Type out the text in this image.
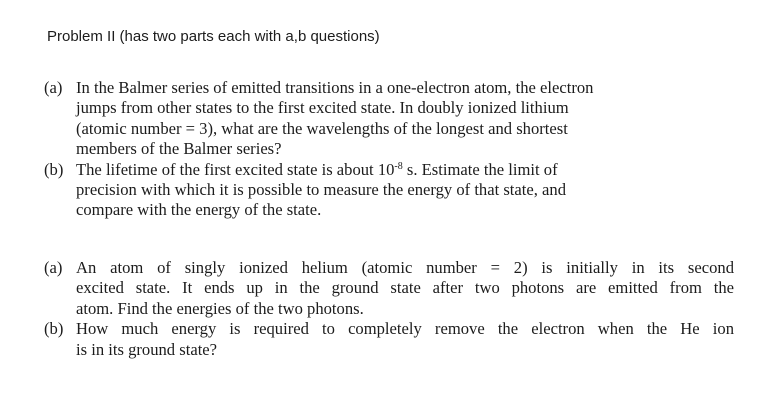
Problem II (has two parts each with a,b questions)
(a) In the Balmer series of emitted transitions in a one-electron atom, the electron
jumps from other states to the first excited state. In doubly ionized lithium
(atomic number = 3), what are the wavelengths of the longest and shortest
members of the Balmer series?
(b) The lifetime of the first excited state is about $10^{-8}$ s. Estimate the limit of
precision with which it is possible to measure the energy of that state, and
compare with the energy of the state.
(a) An atom of singly ionized helium (atomic number = 2) is initially in its second
excited state. It ends up in the ground state after two photons are emitted from the
atom. Find the energies of the two photons.
(b) How much energy is required to completely remove the electron when the He ion
is in its ground state?
